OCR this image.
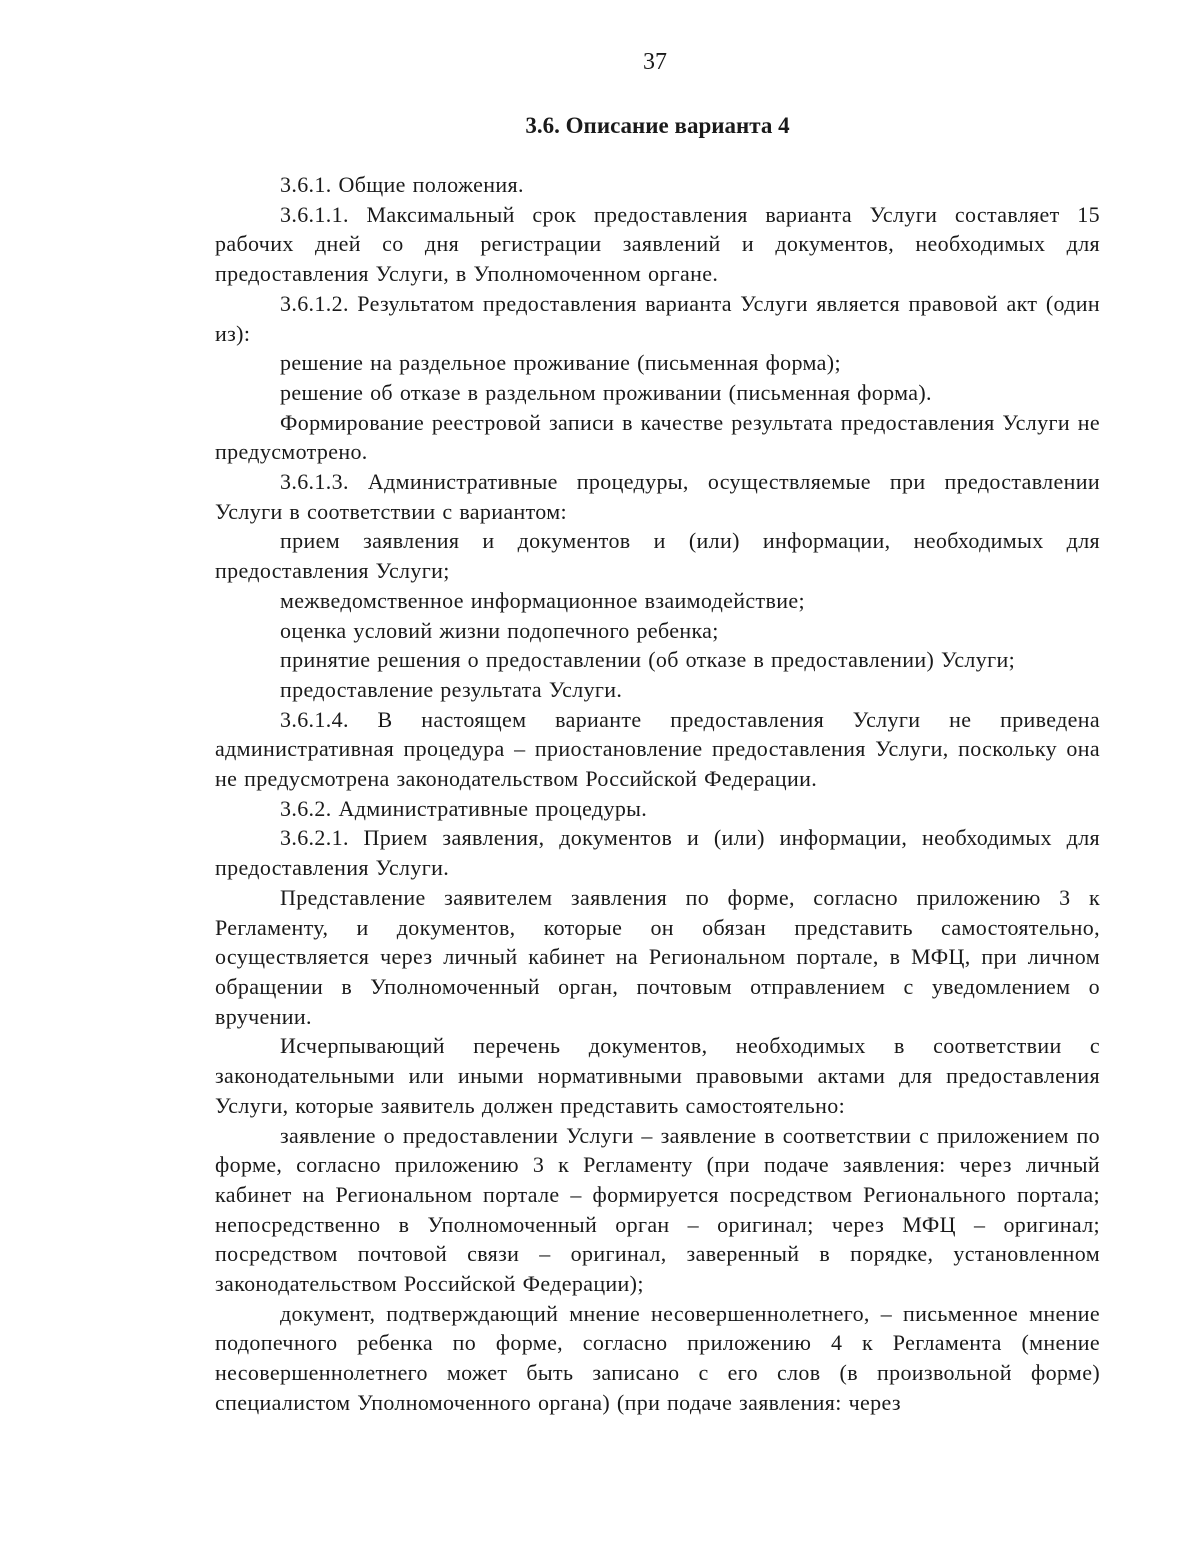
37
3.6. Описание варианта 4

3.6.1. Общие положения.

3.6.1.1. Максимальный срок предоставления варианта Услуги составляет 15 рабочих дней со дня регистрации заявлений и документов, необходимых для предоставления Услуги, в Уполномоченном органе.

3.6.1.2. Результатом предоставления варианта Услуги является правовой акт (один из):

решение на раздельное проживание (письменная форма);

решение об отказе в раздельном проживании (письменная форма).

Формирование реестровой записи в качестве результата предоставления Услуги не предусмотрено.

3.6.1.3. Административные процедуры, осуществляемые при предоставлении Услуги в соответствии с вариантом:

прием заявления и документов и (или) информации, необходимых для предоставления Услуги;

межведомственное информационное взаимодействие;

оценка условий жизни подопечного ребенка;

принятие решения о предоставлении (об отказе в предоставлении) Услуги;

предоставление результата Услуги.

3.6.1.4. В настоящем варианте предоставления Услуги не приведена административная процедура – приостановление предоставления Услуги, поскольку она не предусмотрена законодательством Российской Федерации.

3.6.2. Административные процедуры.

3.6.2.1. Прием заявления, документов и (или) информации, необходимых для предоставления Услуги.

Представление заявителем заявления по форме, согласно приложению 3 к Регламенту, и документов, которые он обязан представить самостоятельно, осуществляется через личный кабинет на Региональном портале, в МФЦ, при личном обращении в Уполномоченный орган, почтовым отправлением с уведомлением о вручении.

Исчерпывающий перечень документов, необходимых в соответствии с законодательными или иными нормативными правовыми актами для предоставления Услуги, которые заявитель должен представить самостоятельно:

заявление о предоставлении Услуги – заявление в соответствии с приложением по форме, согласно приложению 3 к Регламенту (при подаче заявления: через личный кабинет на Региональном портале – формируется посредством Регионального портала; непосредственно в Уполномоченный орган – оригинал; через МФЦ – оригинал; посредством почтовой связи – оригинал, заверенный в порядке, установленном законодательством Российской Федерации);

документ, подтверждающий мнение несовершеннолетнего, – письменное мнение подопечного ребенка по форме, согласно приложению 4 к Регламента (мнение несовершеннолетнего может быть записано с его слов (в произвольной форме) специалистом Уполномоченного органа) (при подаче заявления: через
